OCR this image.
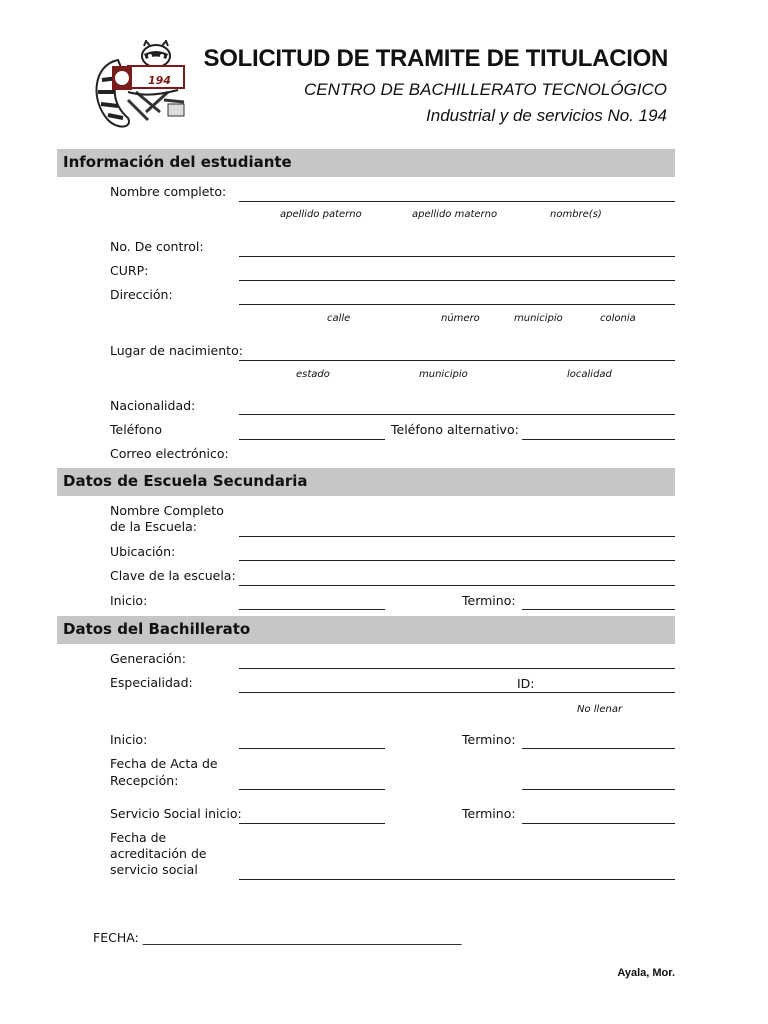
194
SOLICITUD DE TRAMITE DE TITULACION
CENTRO DE BACHILLERATO TECNOLÓGICO
Industrial y de servicios No. 194
Información del estudiante
Nombre completo:
apellido paterno	apellido materno	nombre(s)
No. De control:
CURP:
Dirección:
calle	número	municipio	colonia
Lugar de nacimiento:
estado	municipio	localidad
Nacionalidad:
Teléfono	Teléfono alternativo:
Correo electrónico:
Datos de Escuela Secundaria
Nombre Completo
de la Escuela:
Ubicación:
Clave de la escuela:
Inicio:	Termino:
Datos del Bachillerato
Generación:
Especialidad:	ID:
No llenar
Inicio:	Termino:
Fecha de Acta de
Recepción:
Servicio Social inicio:	Termino:
Fecha de
acreditación de
servicio social
FECHA: ___________________________________________________
Ayala, Mor.
